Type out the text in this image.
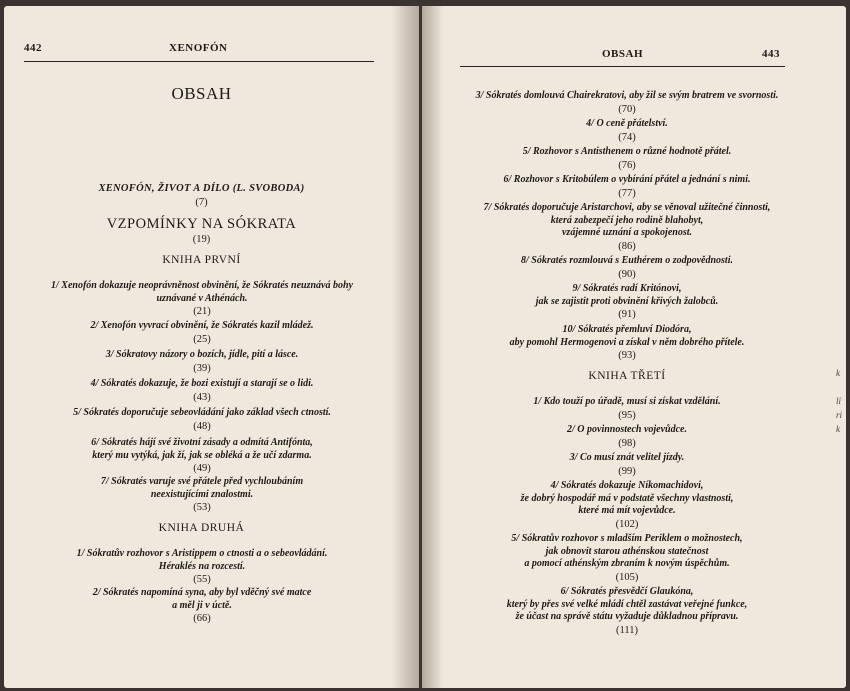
442	XENOFÓN
OBSAH
XENOFÓN, ŽIVOT A DÍLO (L. SVOBODA)
(7)
VZPOMÍNKY NA SÓKRATA
(19)
KNIHA PRVNÍ
1/ Xenofón dokazuje neoprávněnost obvinění, že Sókratés neuznává bohy
uznávané v Athénách.
(21)
2/ Xenofón vyvrací obvinění, že Sókratés kazil mládež.
(25)
3/ Sókratovy názory o bozích, jídle, pití a lásce.
(39)
4/ Sókratés dokazuje, že bozi existují a starají se o lidi.
(43)
5/ Sókratés doporučuje sebeovládání jako základ všech ctností.
(48)
6/ Sókratés hájí své životní zásady a odmítá Antifónta,
který mu vytýká, jak ží, jak se obléká a že učí zdarma.
(49)
7/ Sókratés varuje své přátele před vychloubáním
neexistujícími znalostmi.
(53)
KNIHA DRUHÁ
1/ Sókratův rozhovor s Aristippem o ctnosti a o sebeovládání.
Héraklés na rozcestí.
(55)
2/ Sókratés napomíná syna, aby byl vděčný své matce
a měl ji v úctě.
(66)
OBSAH	443
3/ Sókratés domlouvá Chairekratovi, aby žil se svým bratrem ve svornosti.
(70)
4/ O ceně přátelství.
(74)
5/ Rozhovor s Antisthenem o různé hodnotě přátel.
(76)
6/ Rozhovor s Kritobúlem o vybírání přátel a jednání s nimi.
(77)
7/ Sókratés doporučuje Aristarchovi, aby se věnoval užitečné činnosti,
která zabezpečí jeho rodině blahobyt,
vzájemné uznání a spokojenost.
(86)
8/ Sókratés rozmlouvá s Euthérem o zodpovědnosti.
(90)
9/ Sókratés radí Kritónovi,
jak se zajistit proti obvinění křivých žalobců.
(91)
10/ Sókratés přemluví Diodóra,
aby pomohl Hermogenovi a získal v něm dobrého přítele.
(93)
KNIHA TŘETÍ
1/ Kdo touží po úřadě, musí si získat vzdělání.
(95)
2/ O povinnostech vojevůdce.
(98)
3/ Co musí znát velitel jízdy.
(99)
4/ Sókratés dokazuje Níkomachidovi,
že dobrý hospodář má v podstatě všechny vlastnosti,
které má mít vojevůdce.
(102)
5/ Sókratův rozhovor s mladším Periklem o možnostech,
jak obnovit starou athénskou statečnost
a pomocí athénským zbraním k novým úspěchům.
(105)
6/ Sókratés přesvědčí Glaukóna,
který by přes své velké mládí chtěl zastávat veřejné funkce,
že účast na správě státu vyžaduje důkladnou přípravu.
(111)
k

li
ri
k
